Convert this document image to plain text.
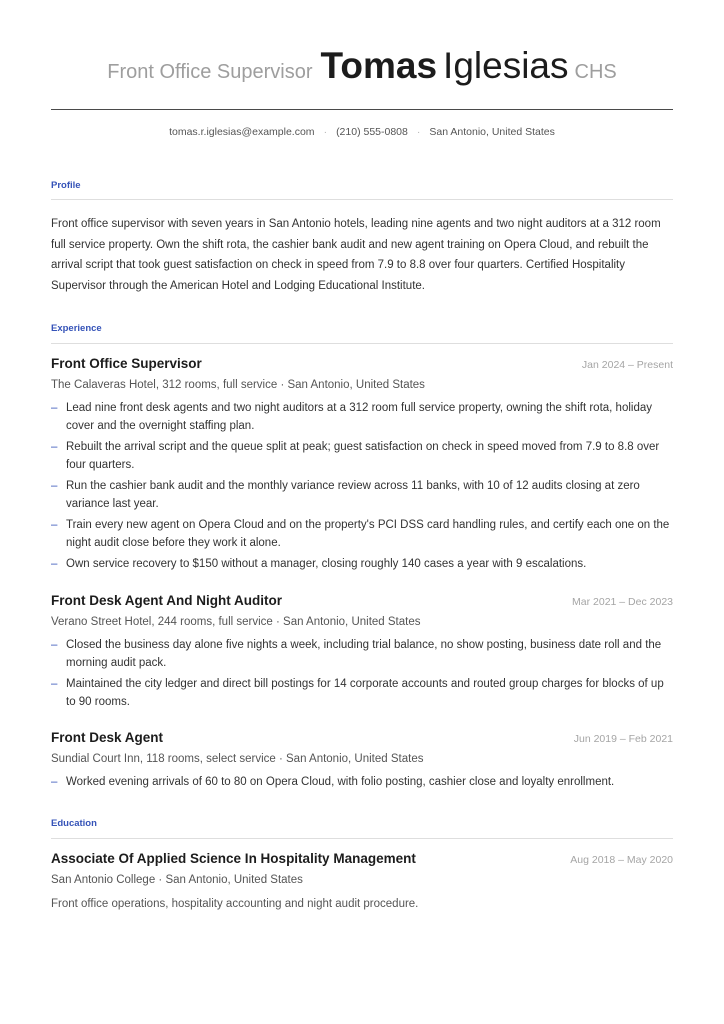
Front Office Supervisor Tomas Iglesias CHS
tomas.r.iglesias@example.com · (210) 555-0808 · San Antonio, United States
Profile
Front office supervisor with seven years in San Antonio hotels, leading nine agents and two night auditors at a 312 room full service property. Own the shift rota, the cashier bank audit and new agent training on Opera Cloud, and rebuilt the arrival script that took guest satisfaction on check in speed from 7.9 to 8.8 over four quarters. Certified Hospitality Supervisor through the American Hotel and Lodging Educational Institute.
Experience
Front Office Supervisor	Jan 2024 – Present
The Calaveras Hotel, 312 rooms, full service · San Antonio, United States
– Lead nine front desk agents and two night auditors at a 312 room full service property, owning the shift rota, holiday cover and the overnight staffing plan.
– Rebuilt the arrival script and the queue split at peak; guest satisfaction on check in speed moved from 7.9 to 8.8 over four quarters.
– Run the cashier bank audit and the monthly variance review across 11 banks, with 10 of 12 audits closing at zero variance last year.
– Train every new agent on Opera Cloud and on the property's PCI DSS card handling rules, and certify each one on the night audit close before they work it alone.
– Own service recovery to $150 without a manager, closing roughly 140 cases a year with 9 escalations.
Front Desk Agent And Night Auditor	Mar 2021 – Dec 2023
Verano Street Hotel, 244 rooms, full service · San Antonio, United States
– Closed the business day alone five nights a week, including trial balance, no show posting, business date roll and the morning audit pack.
– Maintained the city ledger and direct bill postings for 14 corporate accounts and routed group charges for blocks of up to 90 rooms.
Front Desk Agent	Jun 2019 – Feb 2021
Sundial Court Inn, 118 rooms, select service · San Antonio, United States
– Worked evening arrivals of 60 to 80 on Opera Cloud, with folio posting, cashier close and loyalty enrollment.
Education
Associate Of Applied Science In Hospitality Management	Aug 2018 – May 2020
San Antonio College · San Antonio, United States
Front office operations, hospitality accounting and night audit procedure.
